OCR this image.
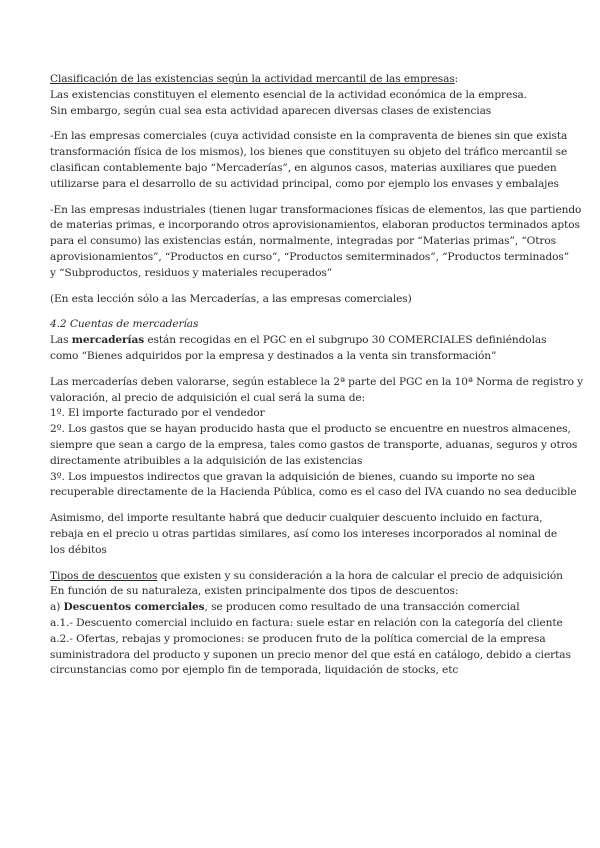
Clasificación de las existencias según la actividad mercantil de las empresas:
Las existencias constituyen el elemento esencial de la actividad económica de la empresa.
Sin embargo, según cual sea esta actividad aparecen diversas clases de existencias

-En las empresas comerciales (cuya actividad consiste en la compraventa de bienes sin que exista
transformación física de los mismos), los bienes que constituyen su objeto del tráfico mercantil se
clasifican contablemente bajo “Mercaderías”, en algunos casos, materias auxiliares que pueden
utilizarse para el desarrollo de su actividad principal, como por ejemplo los envases y embalajes

-En las empresas industriales (tienen lugar transformaciones físicas de elementos, las que partiendo
de materias primas, e incorporando otros aprovisionamientos, elaboran productos terminados aptos
para el consumo) las existencias están, normalmente, integradas por “Materias primas”, “Otros
aprovisionamientos”, “Productos en curso”, “Productos semiterminados”, “Productos terminados”
y “Subproductos, residuos y materiales recuperados”

(En esta lección sólo a las Mercaderías, a las empresas comerciales)

4.2 Cuentas de mercaderías
Las mercaderías están recogidas en el PGC en el subgrupo 30 COMERCIALES definiéndolas
como “Bienes adquiridos por la empresa y destinados a la venta sin transformación”

Las mercaderías deben valorarse, según establece la 2ª parte del PGC en la 10ª Norma de registro y
valoración, al precio de adquisición el cual será la suma de:
1º. El importe facturado por el vendedor
2º. Los gastos que se hayan producido hasta que el producto se encuentre en nuestros almacenes,
siempre que sean a cargo de la empresa, tales como gastos de transporte, aduanas, seguros y otros
directamente atribuibles a la adquisición de las existencias
3º. Los impuestos indirectos que gravan la adquisición de bienes, cuando su importe no sea
recuperable directamente de la Hacienda Pública, como es el caso del IVA cuando no sea deducible

Asimismo, del importe resultante habrá que deducir cualquier descuento incluido en factura,
rebaja en el precio u otras partidas similares, así como los intereses incorporados al nominal de
los débitos

Tipos de descuentos que existen y su consideración a la hora de calcular el precio de adquisición
En función de su naturaleza, existen principalmente dos tipos de descuentos:
a) Descuentos comerciales, se producen como resultado de una transacción comercial
a.1.- Descuento comercial incluido en factura: suele estar en relación con la categoría del cliente
a.2.- Ofertas, rebajas y promociones: se producen fruto de la política comercial de la empresa
suministradora del producto y suponen un precio menor del que está en catálogo, debido a ciertas
circunstancias como por ejemplo fin de temporada, liquidación de stocks, etc
